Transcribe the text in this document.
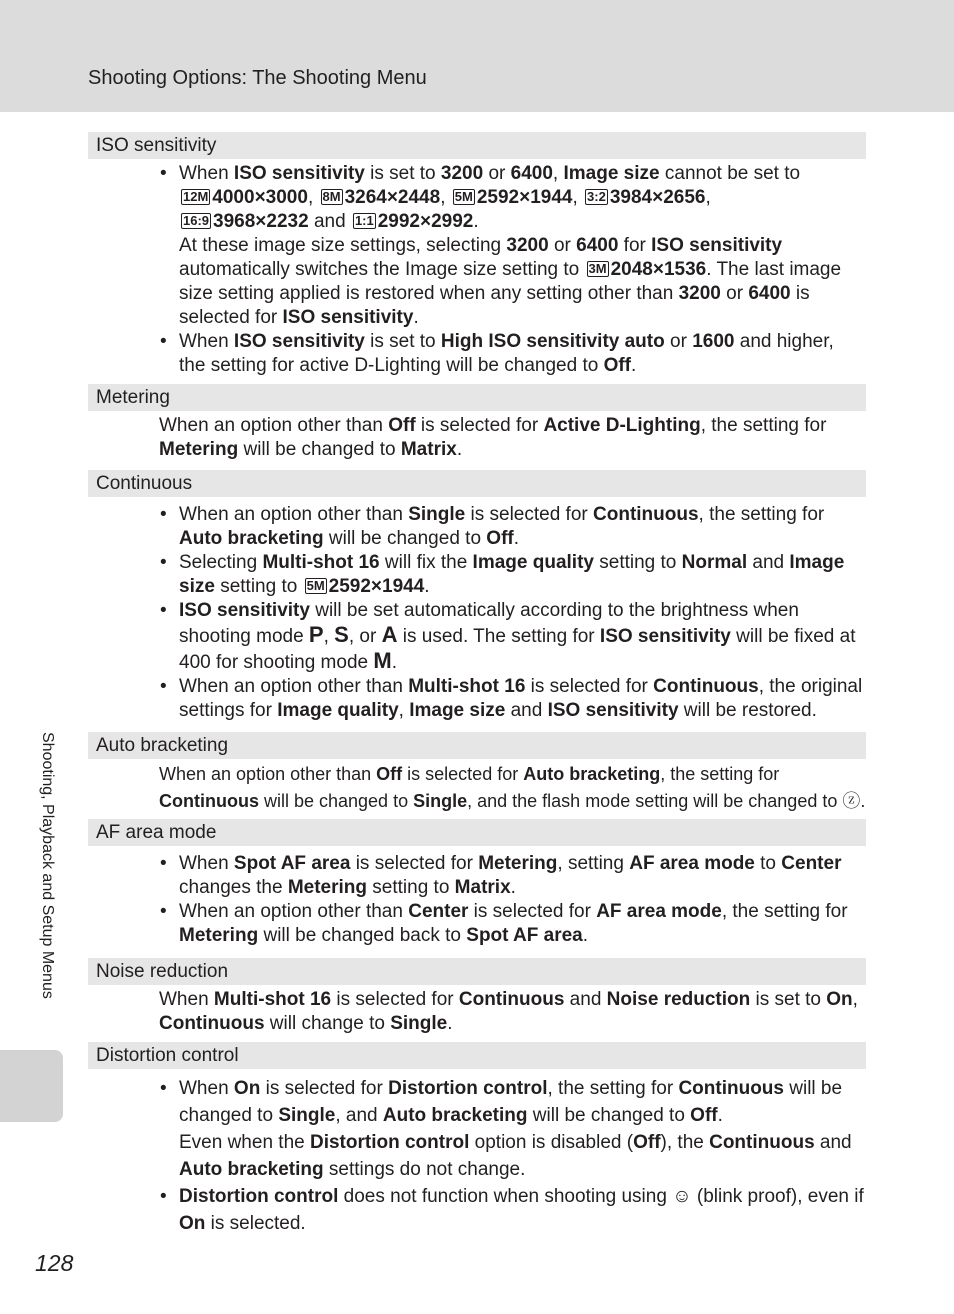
Shooting Options: The Shooting Menu
Shooting, Playback and Setup Menus
ISO sensitivity
• When ISO sensitivity is set to 3200 or 6400, Image size cannot be set to
12M 4000×3000, 8M 3264×2448, 5M 2592×1944, 3:2 3984×2656,
16:9 3968×2232 and 1:1 2992×2992.
At these image size settings, selecting 3200 or 6400 for ISO sensitivity automatically switches the Image size setting to 3M 2048×1536. The last image size setting applied is restored when any setting other than 3200 or 6400 is selected for ISO sensitivity.
• When ISO sensitivity is set to High ISO sensitivity auto or 1600 and higher, the setting for active D-Lighting will be changed to Off.
Metering
When an option other than Off is selected for Active D-Lighting, the setting for Metering will be changed to Matrix.
Continuous
• When an option other than Single is selected for Continuous, the setting for Auto bracketing will be changed to Off.
• Selecting Multi-shot 16 will fix the Image quality setting to Normal and Image size setting to 5M 2592×1944.
• ISO sensitivity will be set automatically according to the brightness when shooting mode P, S, or A is used. The setting for ISO sensitivity will be fixed at 400 for shooting mode M.
• When an option other than Multi-shot 16 is selected for Continuous, the original settings for Image quality, Image size and ISO sensitivity will be restored.
Auto bracketing
When an option other than Off is selected for Auto bracketing, the setting for Continuous will be changed to Single, and the flash mode setting will be changed to ⓩ.
AF area mode
• When Spot AF area is selected for Metering, setting AF area mode to Center changes the Metering setting to Matrix.
• When an option other than Center is selected for AF area mode, the setting for Metering will be changed back to Spot AF area.
Noise reduction
When Multi-shot 16 is selected for Continuous and Noise reduction is set to On, Continuous will change to Single.
Distortion control
• When On is selected for Distortion control, the setting for Continuous will be changed to Single, and Auto bracketing will be changed to Off.
Even when the Distortion control option is disabled (Off), the Continuous and Auto bracketing settings do not change.
• Distortion control does not function when shooting using ☺ (blink proof), even if On is selected.
128
